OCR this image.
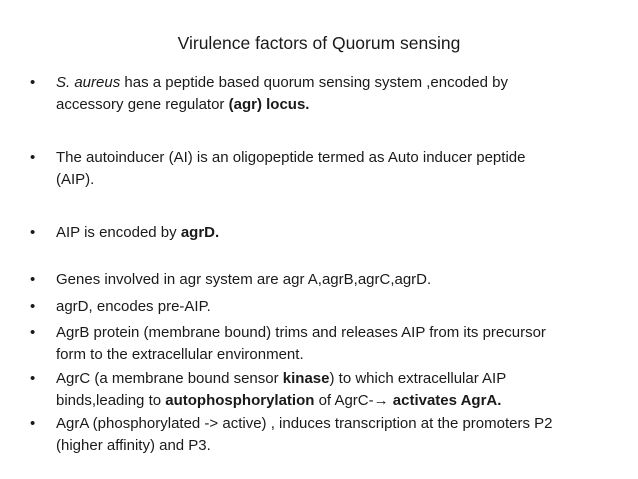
Virulence factors of Quorum sensing
• S. aureus has a peptide based quorum sensing system ,encoded by
accessory gene regulator (agr) locus.
• The autoinducer (AI) is an oligopeptide termed as Auto inducer peptide
(AIP).
• AIP is encoded by agrD.
• Genes involved in agr system are agr A,agrB,agrC,agrD.
• agrD, encodes pre-AIP.
• AgrB protein (membrane bound) trims and releases AIP from its precursor
form to the extracellular environment.
• AgrC (a membrane bound sensor kinase) to which extracellular AIP
binds,leading to autophosphorylation of AgrC-→ activates AgrA.
• AgrA (phosphorylated -> active) , induces transcription at the promoters P2
(higher affinity) and P3.
